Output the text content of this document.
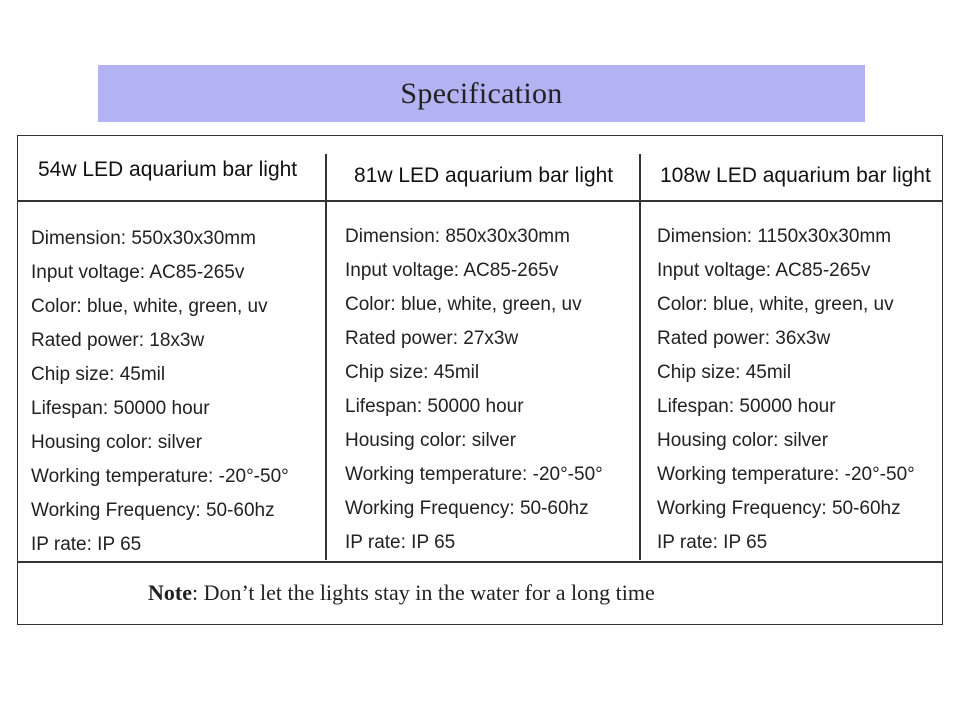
Specification
54w LED aquarium bar light	81w LED aquarium bar light 108w LED aquarium bar light
Dimension: 550x30x30mm
Input voltage: AC85-265v
Color: blue, white, green, uv
Rated power: 18x3w
Chip size: 45mil
Lifespan: 50000 hour
Housing color: silver
Working temperature: -20°-50°
Working Frequency: 50-60hz
IP rate: IP 65
Dimension: 850x30x30mm
Input voltage: AC85-265v
Color: blue, white, green, uv
Rated power: 27x3w
Chip size: 45mil
Lifespan: 50000 hour
Housing color: silver
Working temperature: -20°-50°
Working Frequency: 50-60hz
IP rate: IP 65
Dimension: 1150x30x30mm
Input voltage: AC85-265v
Color: blue, white, green, uv
Rated power: 36x3w
Chip size: 45mil
Lifespan: 50000 hour
Housing color: silver
Working temperature: -20°-50°
Working Frequency: 50-60hz
IP rate: IP 65
Note: Don’t let the lights stay in the water for a long time
